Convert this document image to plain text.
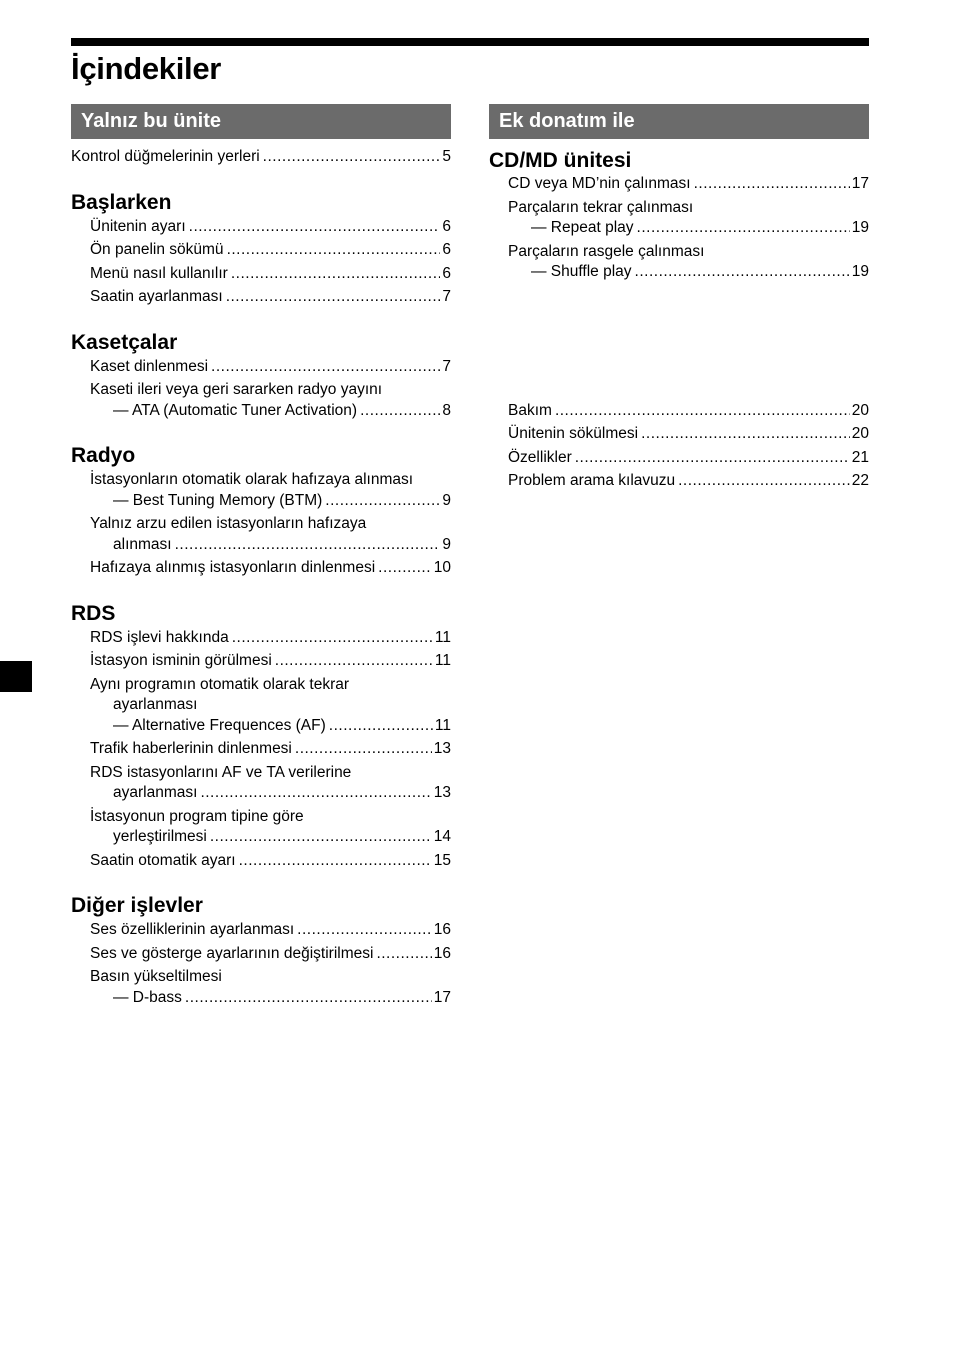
İçindekiler
Yalnız bu ünite
Kontrol düğmelerinin yerleri .....	5
Başlarken
Ünitenin ayarı .....	6
Ön panelin sökümü .....	6
Menü nasıl kullanılır .....	6
Saatin ayarlanması .....	7
Kasetçalar
Kaset dinlenmesi .....	7
Kaseti ileri veya geri sararken radyo yayını
— ATA (Automatic Tuner Activation) .....	8
Radyo
İstasyonların otomatik olarak hafızaya alınması
— Best Tuning Memory (BTM) .....	9
Yalnız arzu edilen istasyonların hafızaya
alınması .....	9
Hafızaya alınmış istasyonların dinlenmesi .....	10
RDS
RDS işlevi hakkında .....	11
İstasyon isminin görülmesi .....	11
Aynı programın otomatik olarak tekrar
ayarlanması
— Alternative Frequences (AF) .....	11
Trafik haberlerinin dinlenmesi .....	13
RDS istasyonlarını AF ve TA verilerine
ayarlanması .....	13
İstasyonun program tipine göre
yerleştirilmesi .....	14
Saatin otomatik ayarı .....	15
Diğer işlevler
Ses özelliklerinin ayarlanması .....	16
Ses ve gösterge ayarlarının değiştirilmesi .....	16
Basın yükseltilmesi
— D-bass .....	17
Ek donatım ile
CD/MD ünitesi
CD veya MD’nin çalınması .....	17
Parçaların tekrar çalınması
— Repeat play .....	19
Parçaların rasgele çalınması
— Shuffle play .....	19
Bakım .....	20
Ünitenin sökülmesi .....	20
Özellikler .....	21
Problem arama kılavuzu .....	22
